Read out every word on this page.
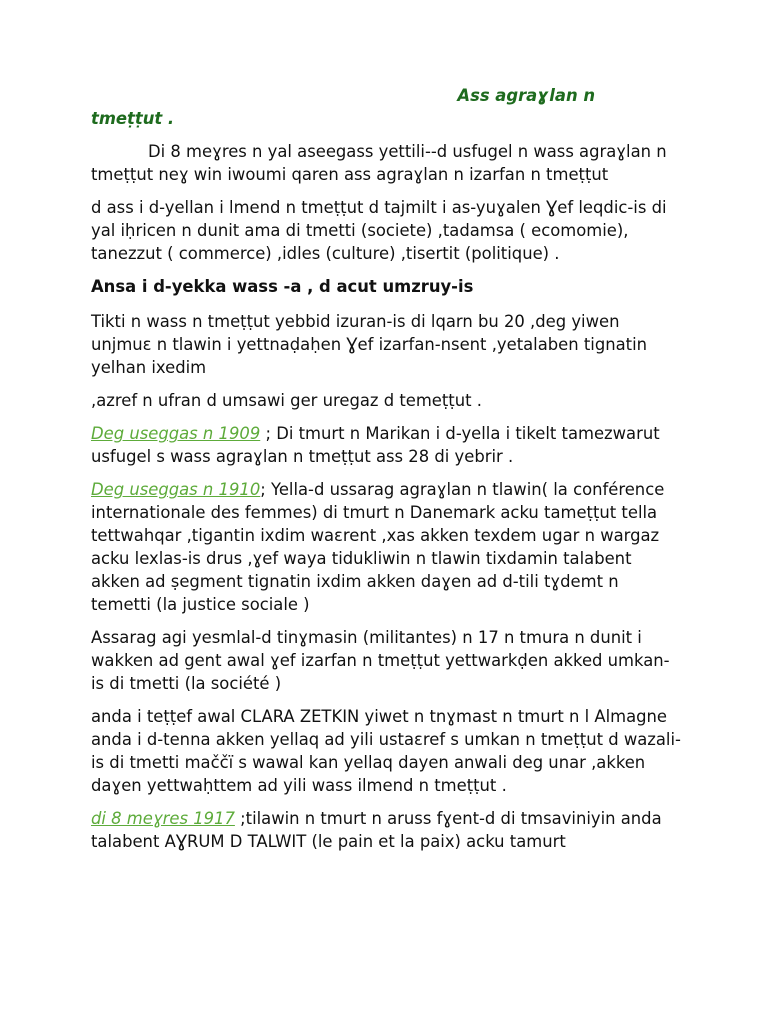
Ass agraɣlan n

tmeṭṭut .

Di 8 meɣres n yal aseegass yettili--d usfugel n wass agraɣlan n tmeṭṭut neɣ win iwoumi qaren ass agraɣlan n izarfan n tmeṭṭut

d ass i d-yellan i lmend n tmeṭṭut d tajmilt i as-yuɣalen Ɣef leqdic-is di yal iḥricen n dunit ama di tmetti (societe) ,tadamsa ( ecomomie), tanezzut ( commerce) ,idles (culture) ,tisertit (politique) .

Ansa i d-yekka wass -a , d acut umzruy-is

Tikti n wass n tmeṭṭut yebbid izuran-is di lqarn bu 20 ,deg yiwen unjmuɛ n tlawin i yettnaḍaḥen Ɣef izarfan-nsent ,yetalaben tignatin yelhan ixedim

,azref n ufran d umsawi ger uregaz d temeṭṭut .

Deg useggas n 1909 ; Di tmurt n Marikan i d-yella i tikelt tamezwarut usfugel s wass agraɣlan n tmeṭṭut ass 28 di yebrir .

Deg useggas n 1910; Yella-d ussarag agraɣlan n tlawin( la conférence internationale des femmes) di tmurt n Danemark acku tameṭṭut tella tettwahqar ,tigantin ixdim waɛrent ,xas akken texdem ugar n wargaz acku lexlas-is drus ,ɣef waya tidukliwin n tlawin tixdamin talabent akken ad ṣegment tignatin ixdim akken daɣen ad d-tili tɣdemt n temetti (la justice sociale )

Assarag agi yesmlal-d tinɣmasin (militantes) n 17 n tmura n dunit i wakken ad gent awal ɣef izarfan n tmeṭṭut yettwarkḍen akked umkan-is di tmetti (la société )

anda i teṭṭef awal CLARA ZETKIN yiwet n tnɣmast n tmurt n l Almagne anda i d-tenna akken yellaq ad yili ustaɛref s umkan n tmeṭṭut d wazali-is di tmetti maččï s wawal kan yellaq dayen anwali deg unar ,akken daɣen yettwaḥttem ad yili wass ilmend n tmeṭṭut .

di 8 meɣres 1917 ;tilawin n tmurt n aruss fɣent-d di tmsaviniyin anda talabent AƔRUM D TALWIT (le pain et la paix) acku tamurt
